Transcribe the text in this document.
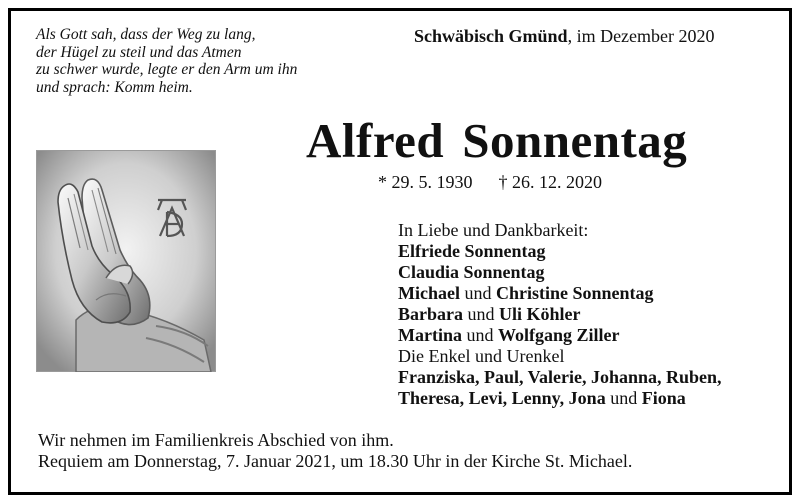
Als Gott sah, dass der Weg zu lang,
der Hügel zu steil und das Atmen
zu schwer wurde, legte er den Arm um ihn
und sprach: Komm heim.
Schwäbisch Gmünd, im Dezember 2020
Alfred Sonnentag
* 29. 5. 1930 † 26. 12. 2020
In Liebe und Dankbarkeit:
Elfriede Sonnentag
Claudia Sonnentag
Michael und Christine Sonnentag
Barbara und Uli Köhler
Martina und Wolfgang Ziller
Die Enkel und Urenkel
Franziska, Paul, Valerie, Johanna, Ruben,
Theresa, Levi, Lenny, Jona und Fiona
Wir nehmen im Familienkreis Abschied von ihm.
Requiem am Donnerstag, 7. Januar 2021, um 18.30 Uhr in der Kirche St. Michael.
